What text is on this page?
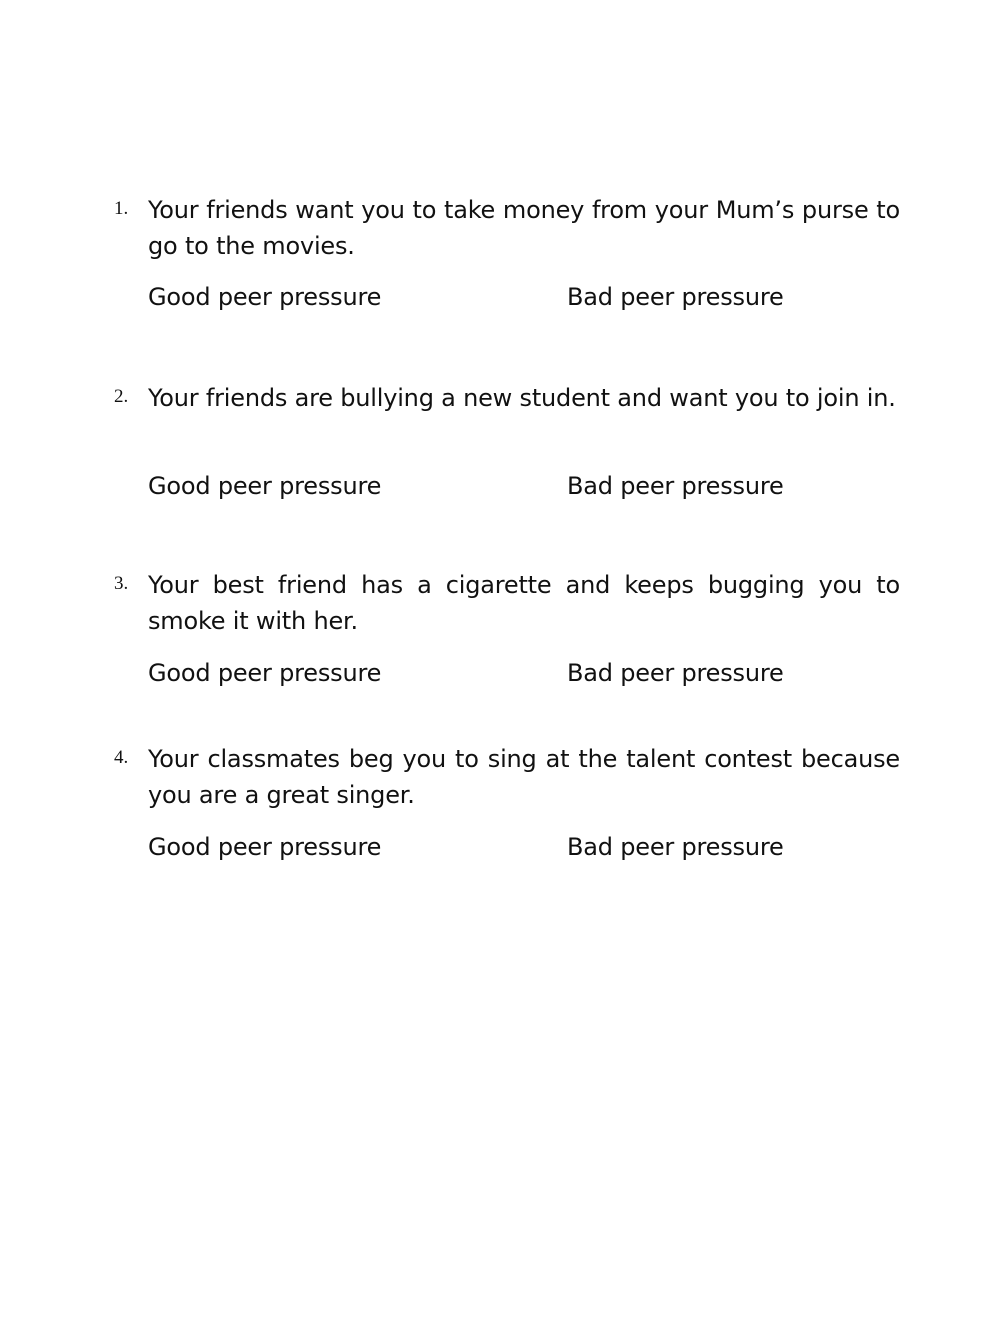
1. Your friends want you to take money from your Mum’s purse to go to the movies.

Good peer pressure	Bad peer pressure
2. Your friends are bullying a new student and want you to join in.

Good peer pressure	Bad peer pressure
3. Your best friend has a cigarette and keeps bugging you to smoke it with her.

Good peer pressure	Bad peer pressure
4. Your classmates beg you to sing at the talent contest because you are a great singer.

Good peer pressure	Bad peer pressure
